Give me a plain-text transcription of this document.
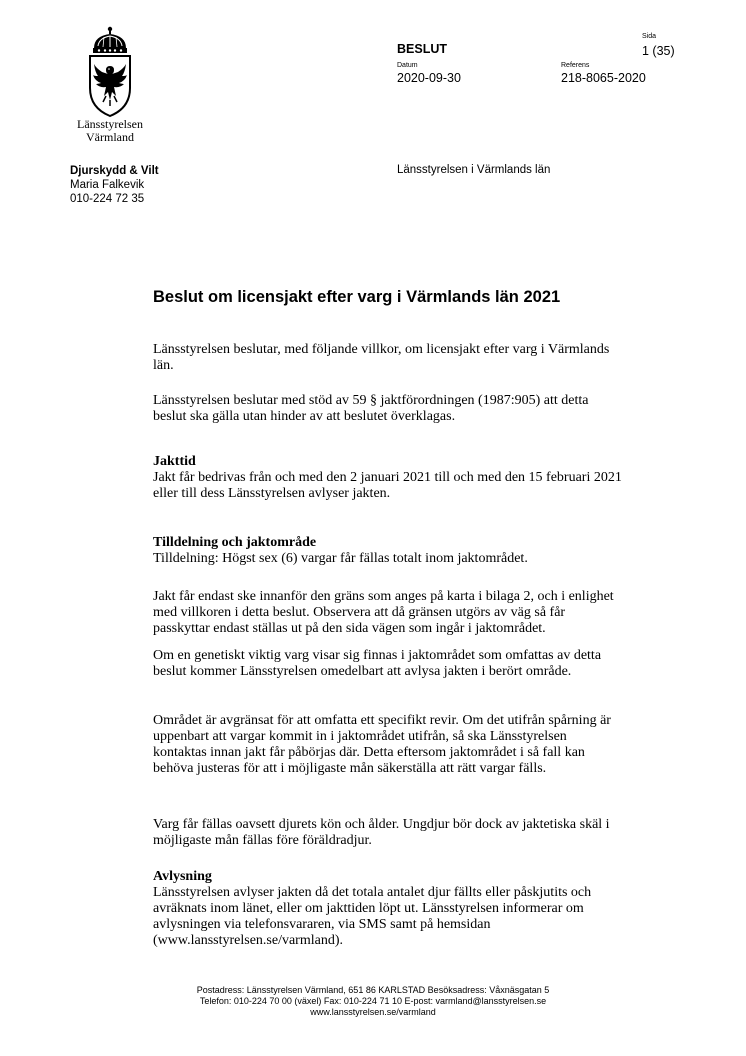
Länsstyrelsen
Värmland
BESLUT
Sida
1 (35)
Datum
2020-09-30
Referens
218-8065-2020
Djurskydd & Vilt
Maria Falkevik
010-224 72 35
Länsstyrelsen i Värmlands län
Beslut om licensjakt efter varg i Värmlands län 2021

Länsstyrelsen beslutar, med följande villkor, om licensjakt efter varg i Värmlands län.

Länsstyrelsen beslutar med stöd av 59 § jaktförordningen (1987:905) att detta beslut ska gälla utan hinder av att beslutet överklagas.

Jakttid

Jakt får bedrivas från och med den 2 januari 2021 till och med den 15 februari 2021 eller till dess Länsstyrelsen avlyser jakten.

Tilldelning och jaktområde

Tilldelning: Högst sex (6) vargar får fällas totalt inom jaktområdet.

Jakt får endast ske innanför den gräns som anges på karta i bilaga 2, och i enlighet med villkoren i detta beslut. Observera att då gränsen utgörs av väg så får passkyttar endast ställas ut på den sida vägen som ingår i jaktområdet.

Om en genetiskt viktig varg visar sig finnas i jaktområdet som omfattas av detta beslut kommer Länsstyrelsen omedelbart att avlysa jakten i berört område.

Området är avgränsat för att omfatta ett specifikt revir. Om det utifrån spårning är uppenbart att vargar kommit in i jaktområdet utifrån, så ska Länsstyrelsen kontaktas innan jakt får påbörjas där. Detta eftersom jaktområdet i så fall kan behöva justeras för att i möjligaste mån säkerställa att rätt vargar fälls.

Varg får fällas oavsett djurets kön och ålder. Ungdjur bör dock av jaktetiska skäl i möjligaste mån fällas före föräldradjur.

Avlysning

Länsstyrelsen avlyser jakten då det totala antalet djur fällts eller påskjutits och avräknats inom länet, eller om jakttiden löpt ut. Länsstyrelsen informerar om avlysningen via telefonsvararen, via SMS samt på hemsidan (www.lansstyrelsen.se/varmland).

Postadress: Länsstyrelsen Värmland, 651 86 KARLSTAD Besöksadress: Våxnäsgatan 5
Telefon: 010-224 70 00 (växel) Fax: 010-224 71 10 E-post: varmland@lansstyrelsen.se
www.lansstyrelsen.se/varmland
